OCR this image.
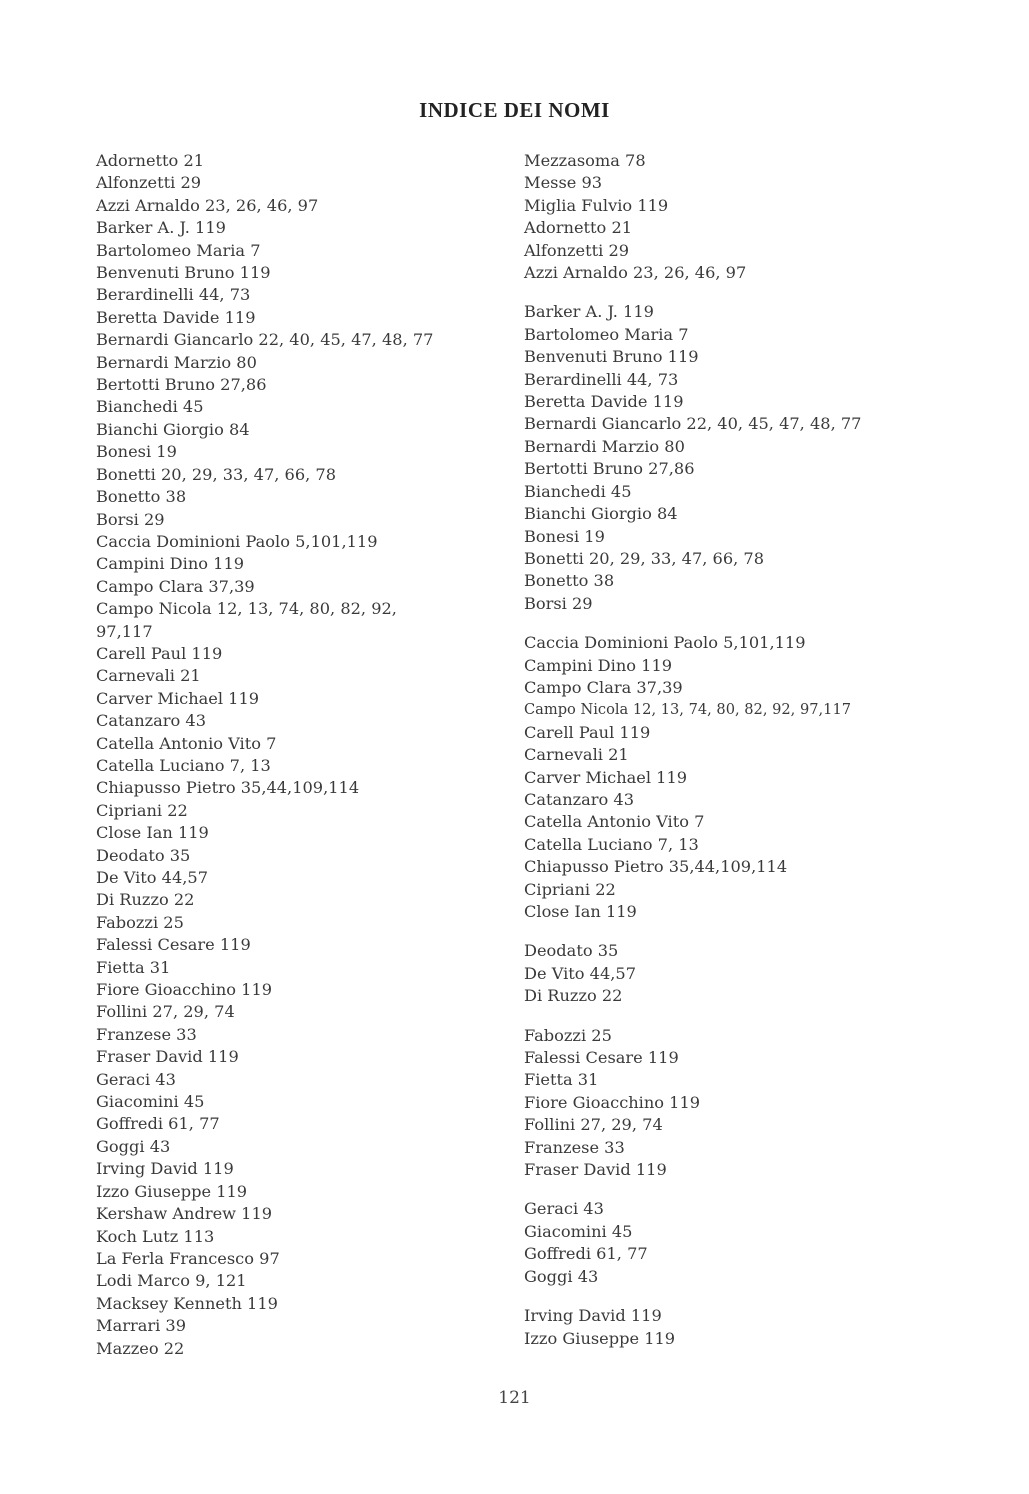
INDICE DEI NOMI
Adornetto 21
Alfonzetti 29
Azzi Arnaldo 23, 26, 46, 97
Barker A. J. 119
Bartolomeo Maria 7
Benvenuti Bruno 119
Berardinelli 44, 73
Beretta Davide 119
Bernardi Giancarlo 22, 40, 45, 47, 48, 77
Bernardi Marzio 80
Bertotti Bruno 27,86
Bianchedi 45
Bianchi Giorgio 84
Bonesi 19
Bonetti 20, 29, 33, 47, 66, 78
Bonetto 38
Borsi 29
Caccia Dominioni Paolo 5,101,119
Campini Dino 119
Campo Clara 37,39
Campo Nicola 12, 13, 74, 80, 82, 92, 97,117
Carell Paul 119
Carnevali 21
Carver Michael 119
Catanzaro 43
Catella Antonio Vito 7
Catella Luciano 7, 13
Chiapusso Pietro 35,44,109,114
Cipriani 22
Close Ian 119
Deodato 35
De Vito 44,57
Di Ruzzo 22
Fabozzi 25
Falessi Cesare 119
Fietta 31
Fiore Gioacchino 119
Follini 27, 29, 74
Franzese 33
Fraser David 119
Geraci 43
Giacomini 45
Goffredi 61, 77
Goggi 43
Irving David 119
Izzo Giuseppe 119
Kershaw Andrew 119
Koch Lutz 113
La Ferla Francesco 97
Lodi Marco 9, 121
Macksey Kenneth 119
Marrari 39
Mazzeo 22
Mezzasoma 78
Messe 93
Miglia Fulvio 119
Adornetto 21
Alfonzetti 29
Azzi Arnaldo 23, 26, 46, 97
Barker A. J. 119
Bartolomeo Maria 7
Benvenuti Bruno 119
Berardinelli 44, 73
Beretta Davide 119
Bernardi Giancarlo 22, 40, 45, 47, 48, 77
Bernardi Marzio 80
Bertotti Bruno 27,86
Bianchedi 45
Bianchi Giorgio 84
Bonesi 19
Bonetti 20, 29, 33, 47, 66, 78
Bonetto 38
Borsi 29
Caccia Dominioni Paolo 5,101,119
Campini Dino 119
Campo Clara 37,39
Campo Nicola 12, 13, 74, 80, 82, 92, 97,117
Carell Paul 119
Carnevali 21
Carver Michael 119
Catanzaro 43
Catella Antonio Vito 7
Catella Luciano 7, 13
Chiapusso Pietro 35,44,109,114
Cipriani 22
Close Ian 119
Deodato 35
De Vito 44,57
Di Ruzzo 22
Fabozzi 25
Falessi Cesare 119
Fietta 31
Fiore Gioacchino 119
Follini 27, 29, 74
Franzese 33
Fraser David 119
Geraci 43
Giacomini 45
Goffredi 61, 77
Goggi 43
Irving David 119
Izzo Giuseppe 119
121
